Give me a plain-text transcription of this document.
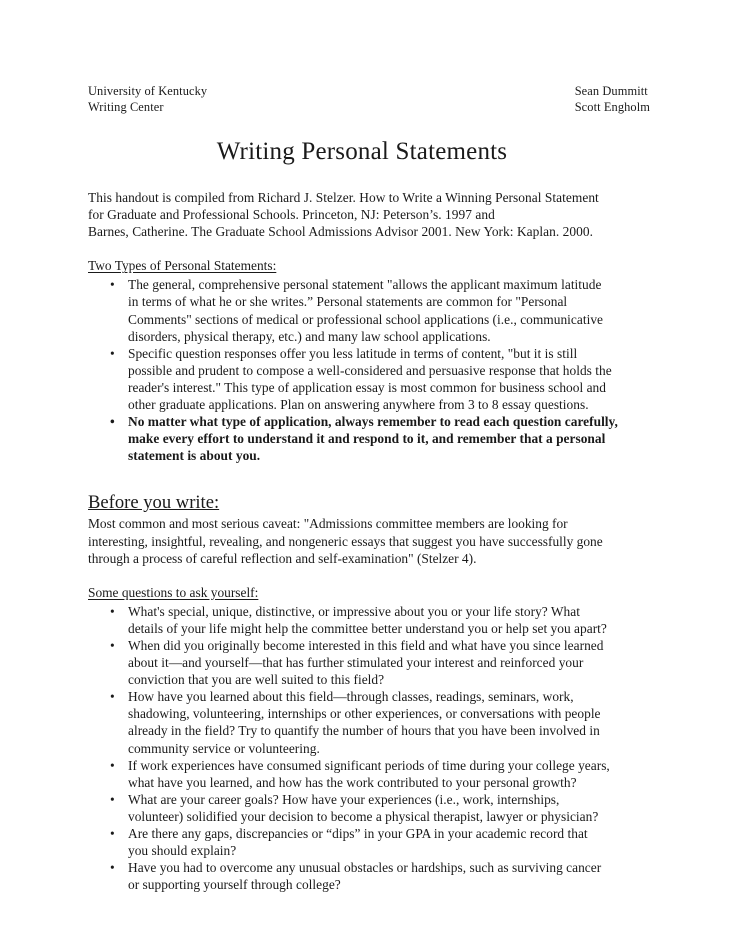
University of Kentucky
Writing Center
Sean Dummitt
Scott Engholm
Writing Personal Statements
This handout is compiled from Richard J. Stelzer. How to Write a Winning Personal Statement
for Graduate and Professional Schools. Princeton, NJ: Peterson’s. 1997 and
Barnes, Catherine. The Graduate School Admissions Advisor 2001. New York: Kaplan. 2000.
Two Types of Personal Statements:
• The general, comprehensive personal statement "allows the applicant maximum latitude
in terms of what he or she writes.” Personal statements are common for "Personal
Comments" sections of medical or professional school applications (i.e., communicative
disorders, physical therapy, etc.) and many law school applications.
• Specific question responses offer you less latitude in terms of content, "but it is still
possible and prudent to compose a well-considered and persuasive response that holds the
reader's interest." This type of application essay is most common for business school and
other graduate applications. Plan on answering anywhere from 3 to 8 essay questions.
• No matter what type of application, always remember to read each question carefully,
make every effort to understand it and respond to it, and remember that a personal
statement is about you.
Before you write:
Most common and most serious caveat: "Admissions committee members are looking for
interesting, insightful, revealing, and nongeneric essays that suggest you have successfully gone
through a process of careful reflection and self-examination" (Stelzer 4).
Some questions to ask yourself:
• What's special, unique, distinctive, or impressive about you or your life story? What
details of your life might help the committee better understand you or help set you apart?
• When did you originally become interested in this field and what have you since learned
about it—and yourself—that has further stimulated your interest and reinforced your
conviction that you are well suited to this field?
• How have you learned about this field—through classes, readings, seminars, work,
shadowing, volunteering, internships or other experiences, or conversations with people
already in the field? Try to quantify the number of hours that you have been involved in
community service or volunteering.
• If work experiences have consumed significant periods of time during your college years,
what have you learned, and how has the work contributed to your personal growth?
• What are your career goals? How have your experiences (i.e., work, internships,
volunteer) solidified your decision to become a physical therapist, lawyer or physician?
• Are there any gaps, discrepancies or “dips” in your GPA in your academic record that
you should explain?
• Have you had to overcome any unusual obstacles or hardships, such as surviving cancer
or supporting yourself through college?
